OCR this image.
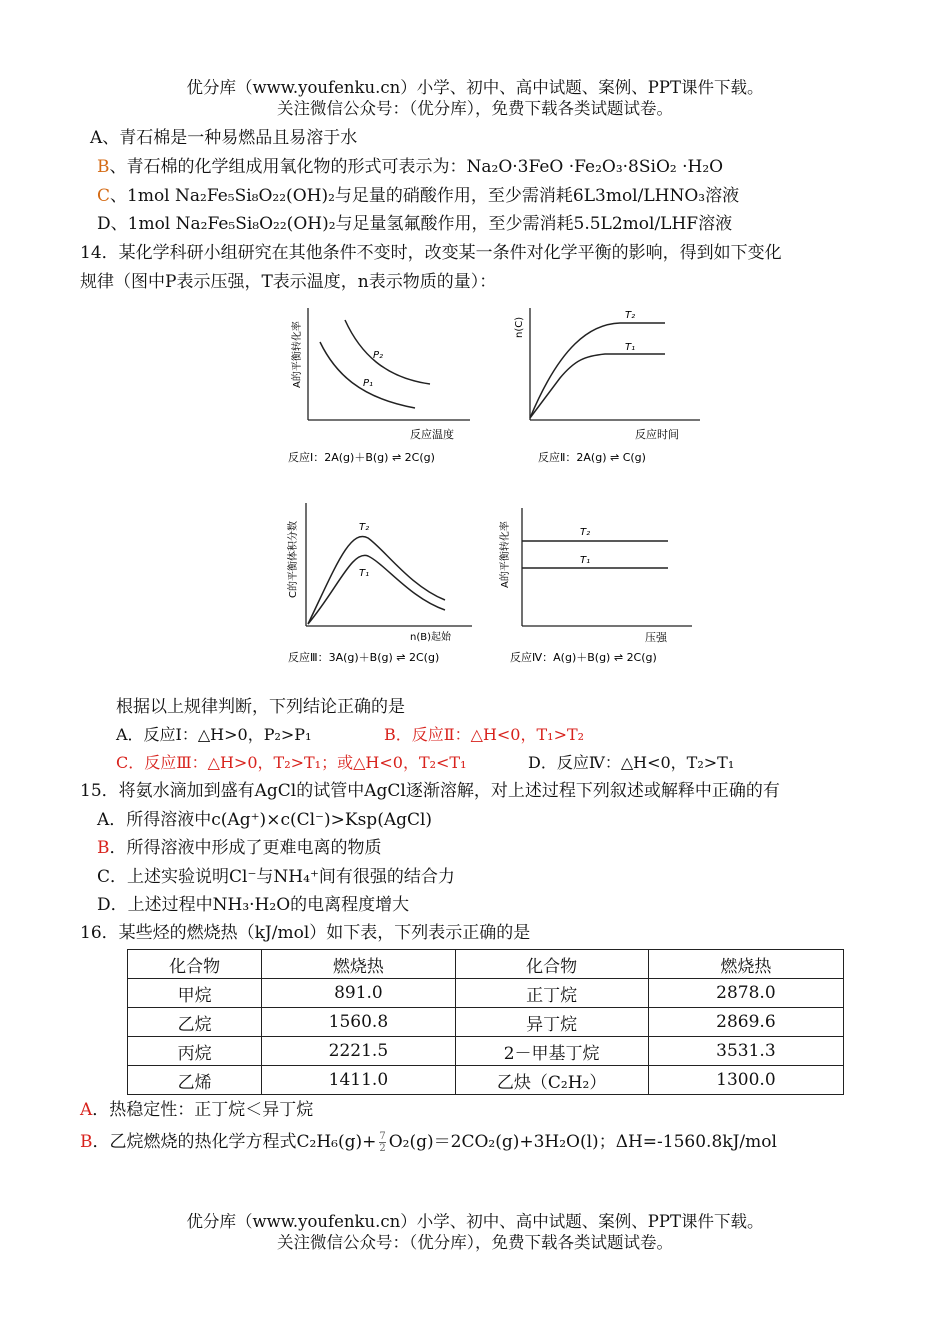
优分库（www.youfenku.cn）小学、初中、高中试题、案例、PPT课件下载。
关注微信公众号：（优分库），免费下载各类试题试卷。
A、青石棉是一种易燃品且易溶于水
B、青石棉的化学组成用氧化物的形式可表示为：Na₂O·3FeO ·Fe₂O₃·8SiO₂ ·H₂O
C、1mol Na₂Fe₅Si₈O₂₂(OH)₂与足量的硝酸作用，至少需消耗6L3mol/LHNO₃溶液
D、1mol Na₂Fe₅Si₈O₂₂(OH)₂与足量氢氟酸作用，至少需消耗5.5L2mol/LHF溶液
14．某化学科研小组研究在其他条件不变时，改变某一条件对化学平衡的影响，得到如下变化
规律（图中P表示压强，T表示温度，n表示物质的量）：
P₂
P₁
A的平衡转化率
反应温度
反应Ⅰ：2A(g)＋B(g) ⇌ 2C(g)
T₂
T₁
n(C)
反应时间
反应Ⅱ：2A(g) ⇌ C(g)
T₂
T₁
C的平衡体积分数
n(B)起始
反应Ⅲ：3A(g)＋B(g) ⇌ 2C(g)
T₂
T₁
A的平衡转化率
压强
反应Ⅳ：A(g)＋B(g) ⇌ 2C(g)
根据以上规律判断，下列结论正确的是
A．反应Ⅰ：△H>0，P₂>P₁	B．反应Ⅱ：△H<0，T₁>T₂
C．反应Ⅲ：△H>0，T₂>T₁；或△H<0，T₂<T₁	D．反应Ⅳ：△H<0，T₂>T₁
15．将氨水滴加到盛有AgCl的试管中AgCl逐渐溶解，对上述过程下列叙述或解释中正确的有
A．所得溶液中c(Ag⁺)×c(Cl⁻)>Ksp(AgCl)
B．所得溶液中形成了更难电离的物质
C．上述实验说明Cl⁻与NH₄⁺间有很强的结合力
D．上述过程中NH₃·H₂O的电离程度增大
16．某些烃的燃烧热（kJ/mol）如下表，下列表示正确的是
化合物	燃烧热	化合物	燃烧热
甲烷	891.0	正丁烷	2878.0
乙烷	1560.8	异丁烷	2869.6
丙烷	2221.5	2－甲基丁烷	3531.3
乙烯	1411.0	乙炔（C₂H₂）	1300.0
A．热稳定性：正丁烷＜异丁烷
B．乙烷燃烧的热化学方程式$C_2H_6(g)+ \frac{7}{2} O_2(g)=2CO_2(g)+3H_2O(l)$；ΔH=-1560.8kJ/mol
优分库（www.youfenku.cn）小学、初中、高中试题、案例、PPT课件下载。
关注微信公众号：（优分库），免费下载各类试题试卷。
